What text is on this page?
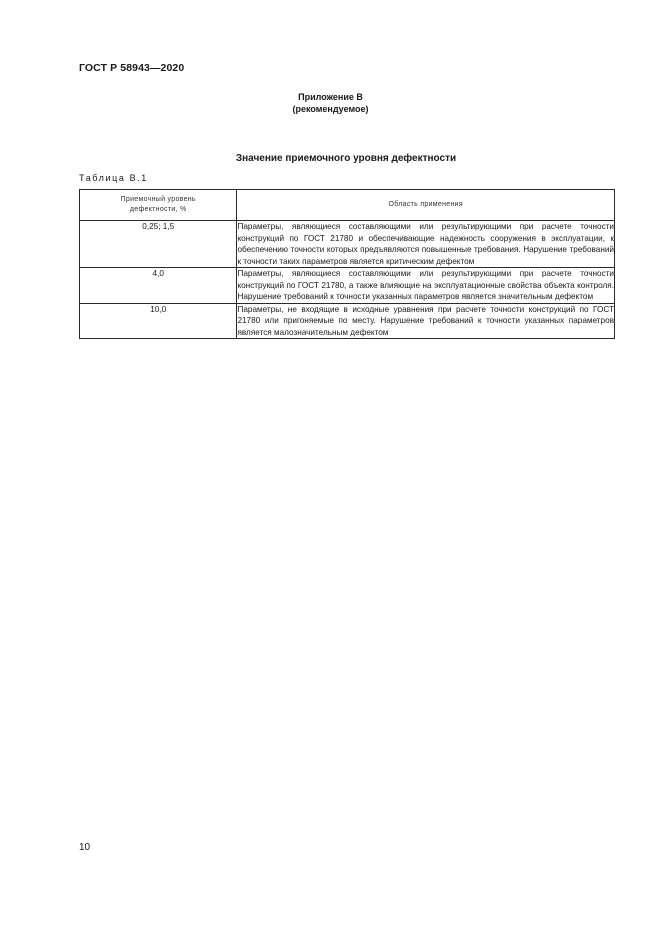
ГОСТ Р 58943—2020
Приложение В
(рекомендуемое)
Значение приемочного уровня дефектности
Таблица В.1
Приемочный уровень дефектности, %	Область применения
0,25; 1,5	Параметры, являющиеся составляющими или результирующими при расчете точности конструкций по ГОСТ 21780 и обеспечивающие надежность сооружения в эксплуатации, к обеспечению точности которых предъявляются повышенные требования. Нарушение требований к точности таких параметров является критическим дефектом
4,0	Параметры, являющиеся составляющими или результирующими при расчете точности конструкций по ГОСТ 21780, а также влияющие на эксплуатационные свойства объекта контроля. Нарушение требований к точности указанных параметров является значительным дефектом
10,0	Параметры, не входящие в исходные уравнения при расчете точности конструкций по ГОСТ 21780 или пригоняемые по месту. Нарушение требований к точности указанных параметров является малозначительным дефектом
10
